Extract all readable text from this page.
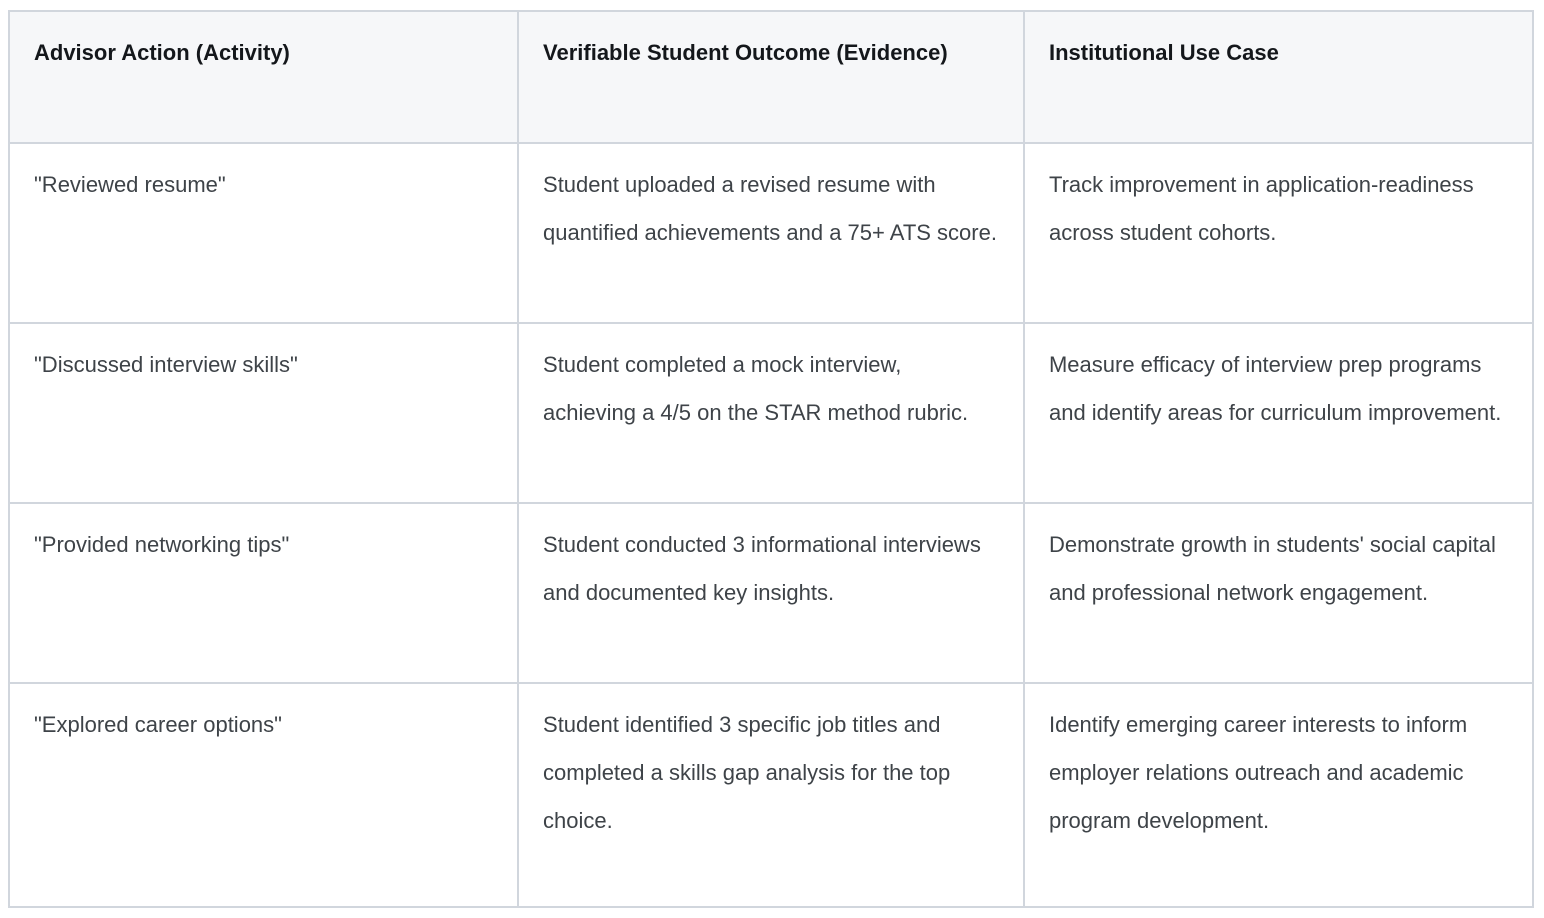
Advisor Action (Activity)	Verifiable Student Outcome (Evidence)	Institutional Use Case
"Reviewed resume"	Student uploaded a revised resume with quantified achievements and a 75+ ATS score.	Track improvement in application-readiness across student cohorts.
"Discussed interview skills"	Student completed a mock interview, achieving a 4/5 on the STAR method rubric.	Measure efficacy of interview prep programs and identify areas for curriculum improvement.
"Provided networking tips"	Student conducted 3 informational interviews and documented key insights.	Demonstrate growth in students' social capital and professional network engagement.
"Explored career options"	Student identified 3 specific job titles and completed a skills gap analysis for the top choice.	Identify emerging career interests to inform employer relations outreach and academic program development.
